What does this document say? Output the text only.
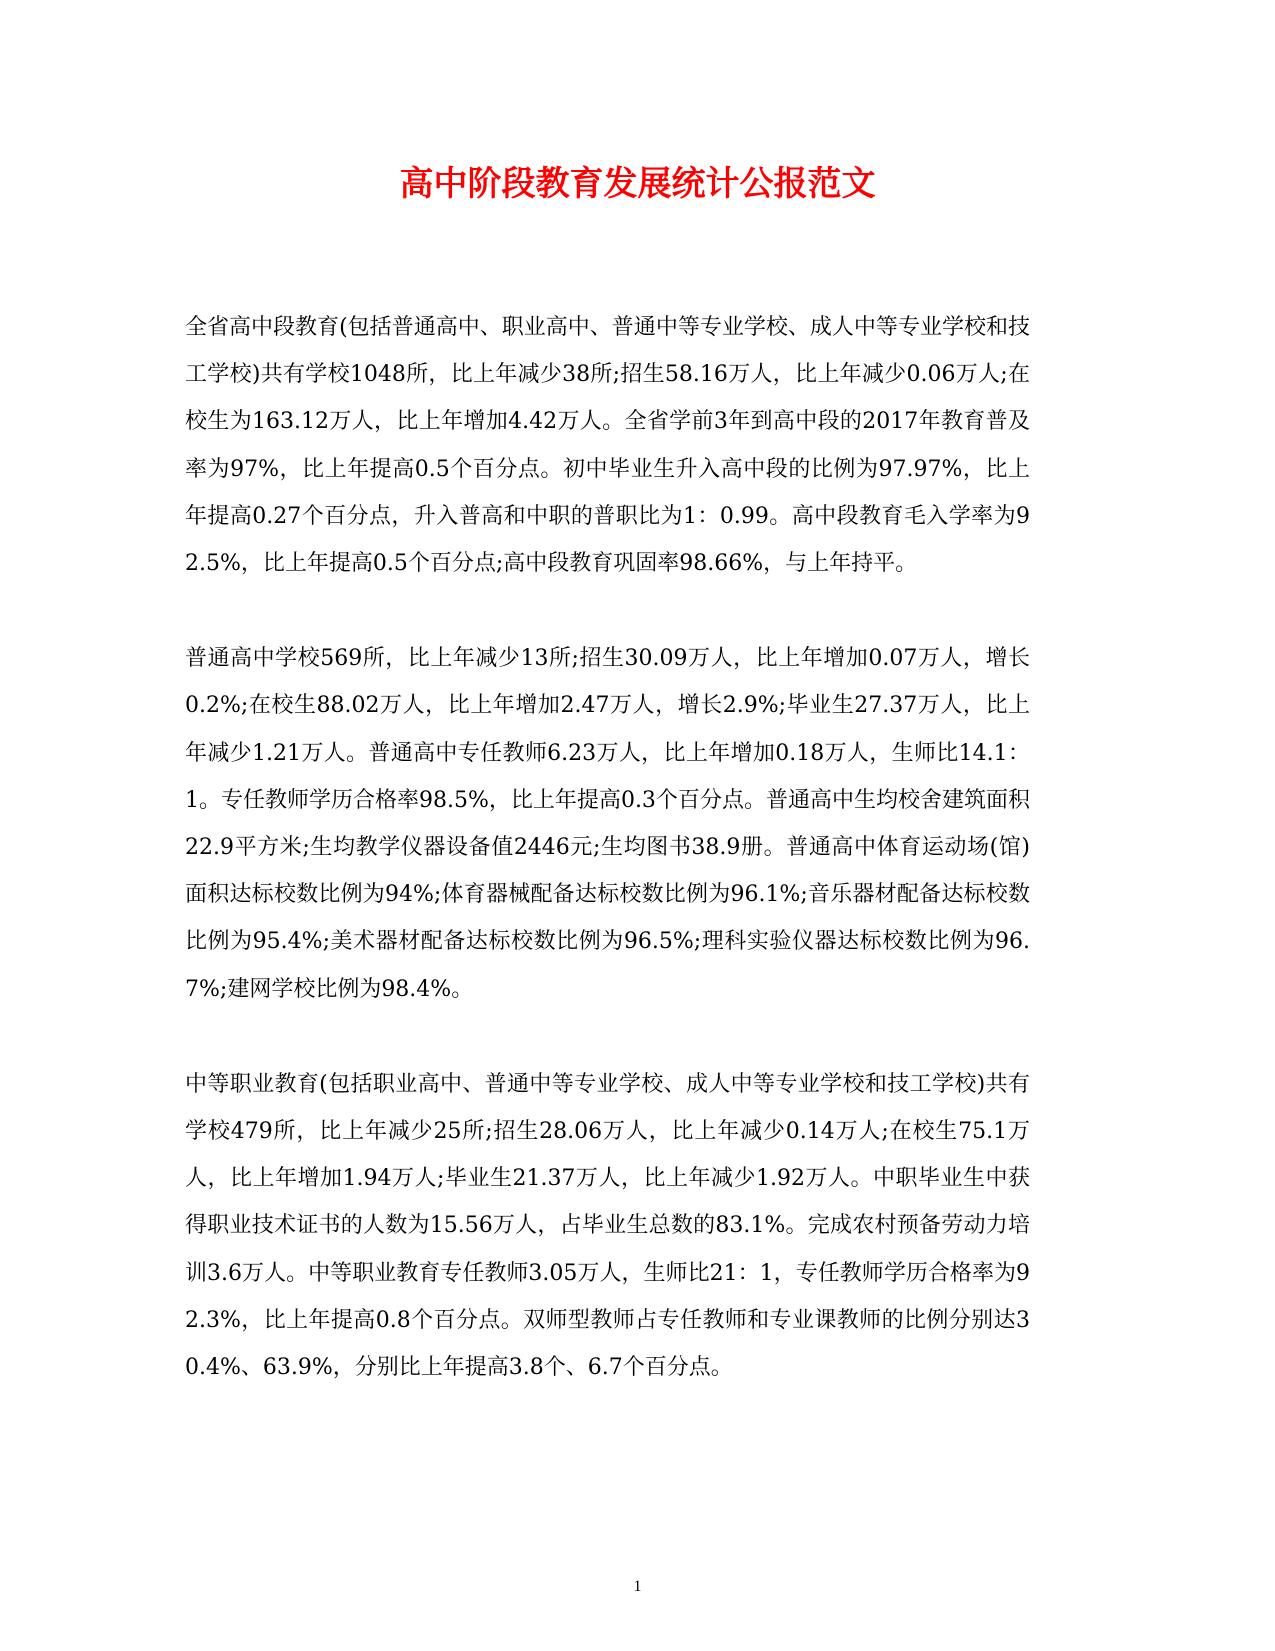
高中阶段教育发展统计公报范文

全省高中段教育(包括普通高中、职业高中、普通中等专业学校、成人中等专业学校和技工学校)共有学校1048所，比上年减少38所;招生58.16万人，比上年减少0.06万人;在校生为163.12万人，比上年增加4.42万人。全省学前3年到高中段的2017年教育普及率为97%，比上年提高0.5个百分点。初中毕业生升入高中段的比例为97.97%，比上年提高0.27个百分点，升入普高和中职的普职比为1：0.99。高中段教育毛入学率为92.5%，比上年提高0.5个百分点;高中段教育巩固率98.66%，与上年持平。

普通高中学校569所，比上年减少13所;招生30.09万人，比上年增加0.07万人，增长0.2%;在校生88.02万人，比上年增加2.47万人，增长2.9%;毕业生27.37万人，比上年减少1.21万人。普通高中专任教师6.23万人，比上年增加0.18万人，生师比14.1：1。专任教师学历合格率98.5%，比上年提高0.3个百分点。普通高中生均校舍建筑面积22.9平方米;生均教学仪器设备值2446元;生均图书38.9册。普通高中体育运动场(馆)面积达标校数比例为94%;体育器械配备达标校数比例为96.1%;音乐器材配备达标校数比例为95.4%;美术器材配备达标校数比例为96.5%;理科实验仪器达标校数比例为96.7%;建网学校比例为98.4%。

中等职业教育(包括职业高中、普通中等专业学校、成人中等专业学校和技工学校)共有学校479所，比上年减少25所;招生28.06万人，比上年减少0.14万人;在校生75.1万人，比上年增加1.94万人;毕业生21.37万人，比上年减少1.92万人。中职毕业生中获得职业技术证书的人数为15.56万人，占毕业生总数的83.1%。完成农村预备劳动力培训3.6万人。中等职业教育专任教师3.05万人，生师比21：1，专任教师学历合格率为92.3%，比上年提高0.8个百分点。双师型教师占专任教师和专业课教师的比例分别达30.4%、63.9%，分别比上年提高3.8个、6.7个百分点。

1
